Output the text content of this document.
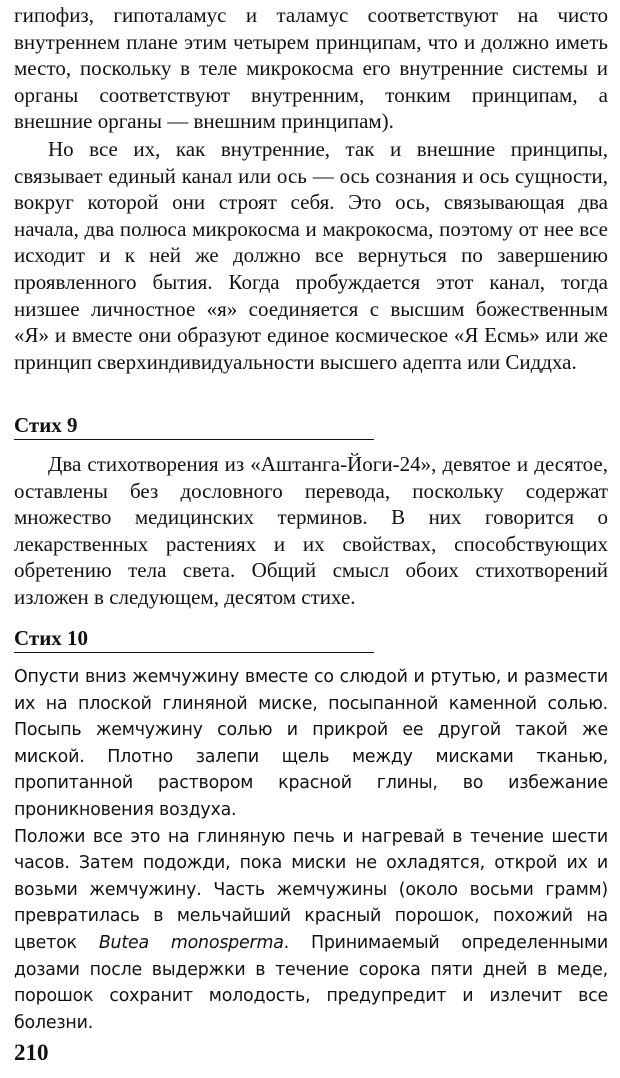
гипофиз, гипоталамус и таламус соответствуют на чисто внутреннем плане этим четырем принципам, что и должно иметь место, поскольку в теле микрокосма его внутренние системы и органы соответствуют внутренним, тонким принципам, а внешние органы — внешним принципам).

Но все их, как внутренние, так и внешние принципы, связывает единый канал или ось — ось сознания и ось сущности, вокруг которой они строят себя. Это ось, связывающая два начала, два полюса микрокосма и макрокосма, поэтому от нее все исходит и к ней же должно все вернуться по завершению проявленного бытия. Когда пробуждается этот канал, тогда низшее личностное «я» соединяется с высшим божественным «Я» и вместе они образуют единое космическое «Я Есмь» или же принцип сверхиндивидуальности высшего адепта или Сиддха.

Стих 9

Два стихотворения из «Аштанга-Йоги-24», девятое и десятое, оставлены без дословного перевода, поскольку содержат множество медицинских терминов. В них говорится о лекарственных растениях и их свойствах, способствующих обретению тела света. Общий смысл обоих стихотворений изложен в следующем, десятом стихе.

Стих 10

Опусти вниз жемчужину вместе со слюдой и ртутью, и размести их на плоской глиняной миске, посыпанной каменной солью. Посыпь жемчужину солью и прикрой ее другой такой же миской. Плотно залепи щель между мисками тканью, пропитанной раствором красной глины, во избежание проникновения воздуха.

Положи все это на глиняную печь и нагревай в течение шести часов. Затем подожди, пока миски не охладятся, открой их и возьми жемчужину. Часть жемчужины (около восьми грамм) превратилась в мельчайший красный порошок, похожий на цветок Butea monosperma. Принимаемый определенными дозами после выдержки в течение сорока пяти дней в меде, порошок сохранит молодость, предупредит и излечит все болезни.

210
